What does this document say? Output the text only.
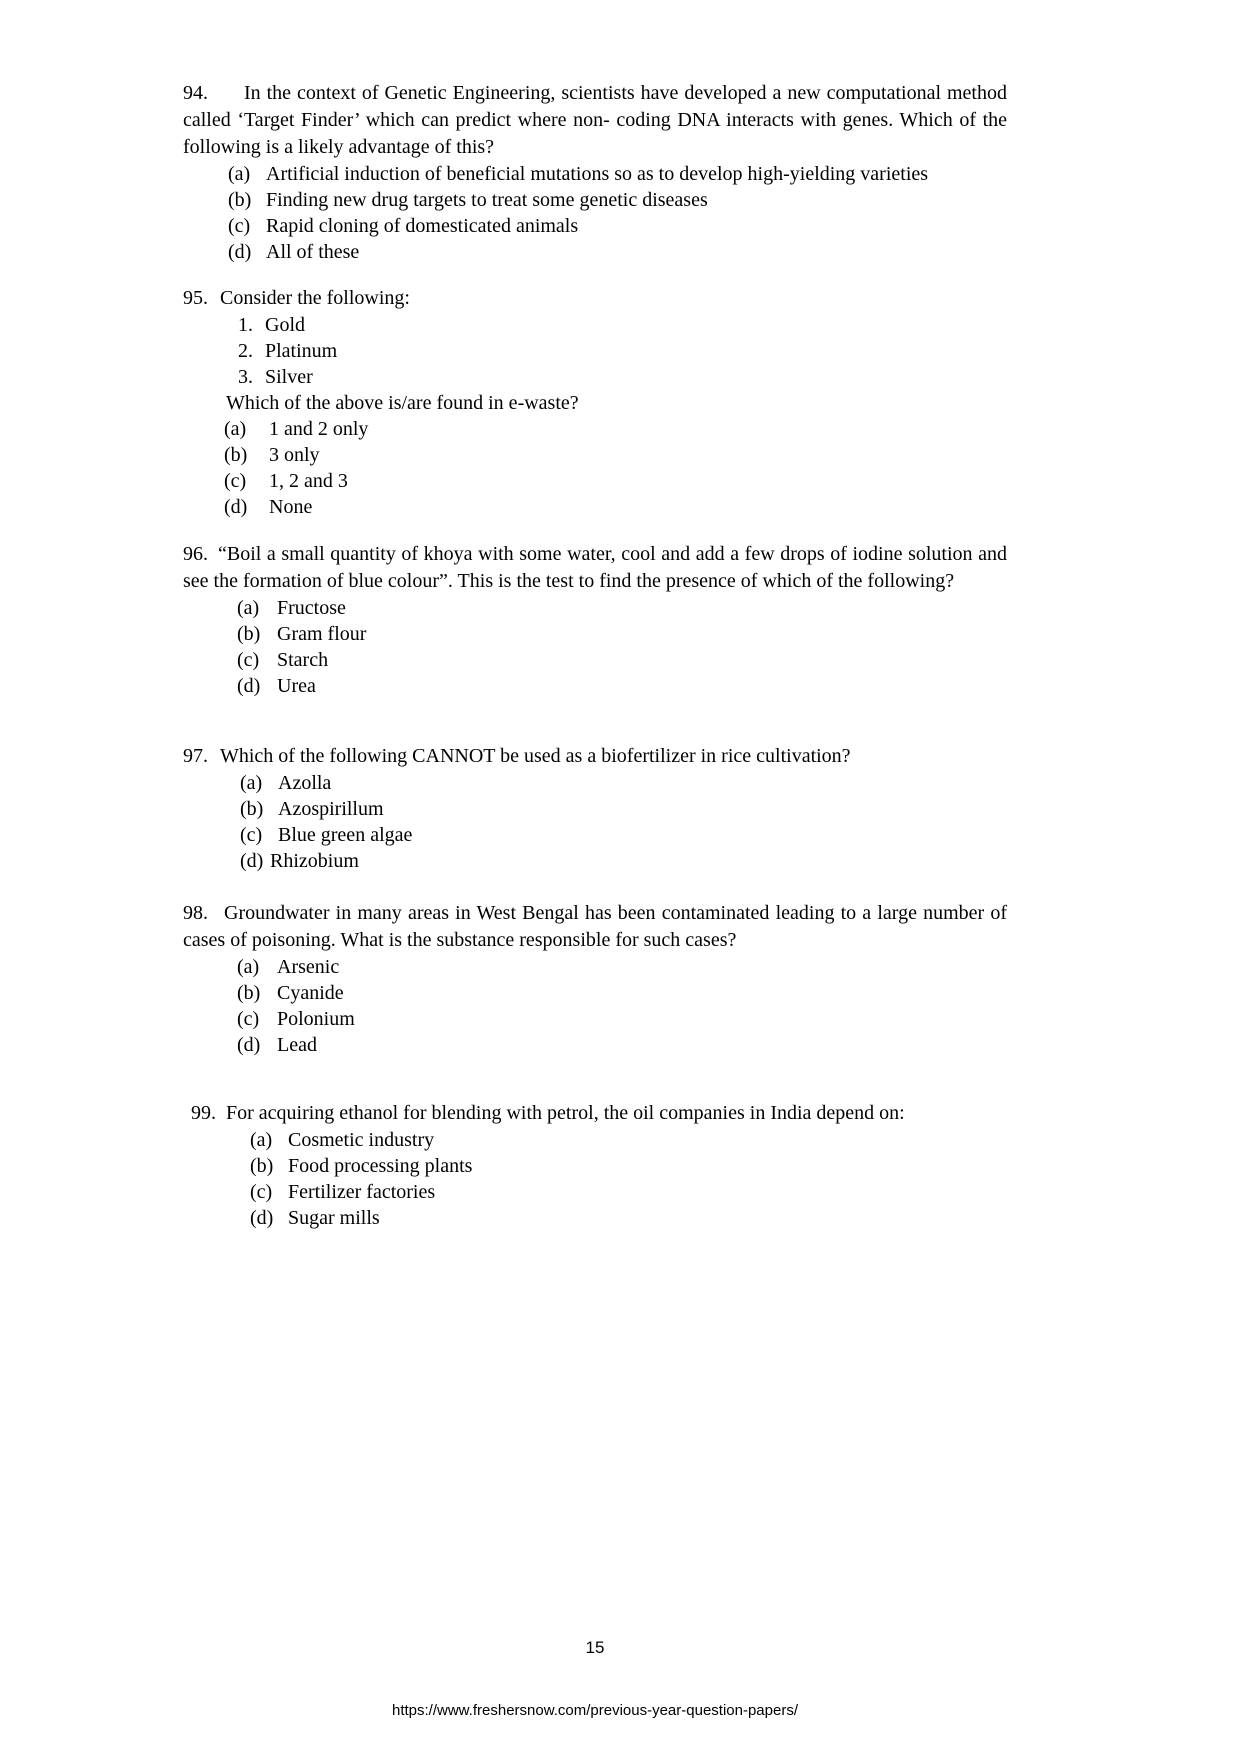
94. In the context of Genetic Engineering, scientists have developed a new computational method called ‘Target Finder’ which can predict where non- coding DNA interacts with genes. Which of the following is a likely advantage of this?

(a) Artificial induction of beneficial mutations so as to develop high-yielding varieties
(b) Finding new drug targets to treat some genetic diseases
(c) Rapid cloning of domesticated animals
(d) All of these

95. Consider the following:

1. Gold
2. Platinum
3. Silver

Which of the above is/are found in e-waste?

(a) 1 and 2 only
(b) 3 only
(c) 1, 2 and 3
(d) None

96. “Boil a small quantity of khoya with some water, cool and add a few drops of iodine solution and see the formation of blue colour”. This is the test to find the presence of which of the following?

(a) Fructose
(b) Gram flour
(c) Starch
(d) Urea

97. Which of the following CANNOT be used as a biofertilizer in rice cultivation?

(a) Azolla
(b) Azospirillum
(c) Blue green algae
(d) Rhizobium

98. Groundwater in many areas in West Bengal has been contaminated leading to a large number of cases of poisoning. What is the substance responsible for such cases?

(a) Arsenic
(b) Cyanide
(c) Polonium
(d) Lead

99. For acquiring ethanol for blending with petrol, the oil companies in India depend on:

(a) Cosmetic industry
(b) Food processing plants
(c) Fertilizer factories
(d) Sugar mills
15
https://www.freshersnow.com/previous-year-question-papers/
